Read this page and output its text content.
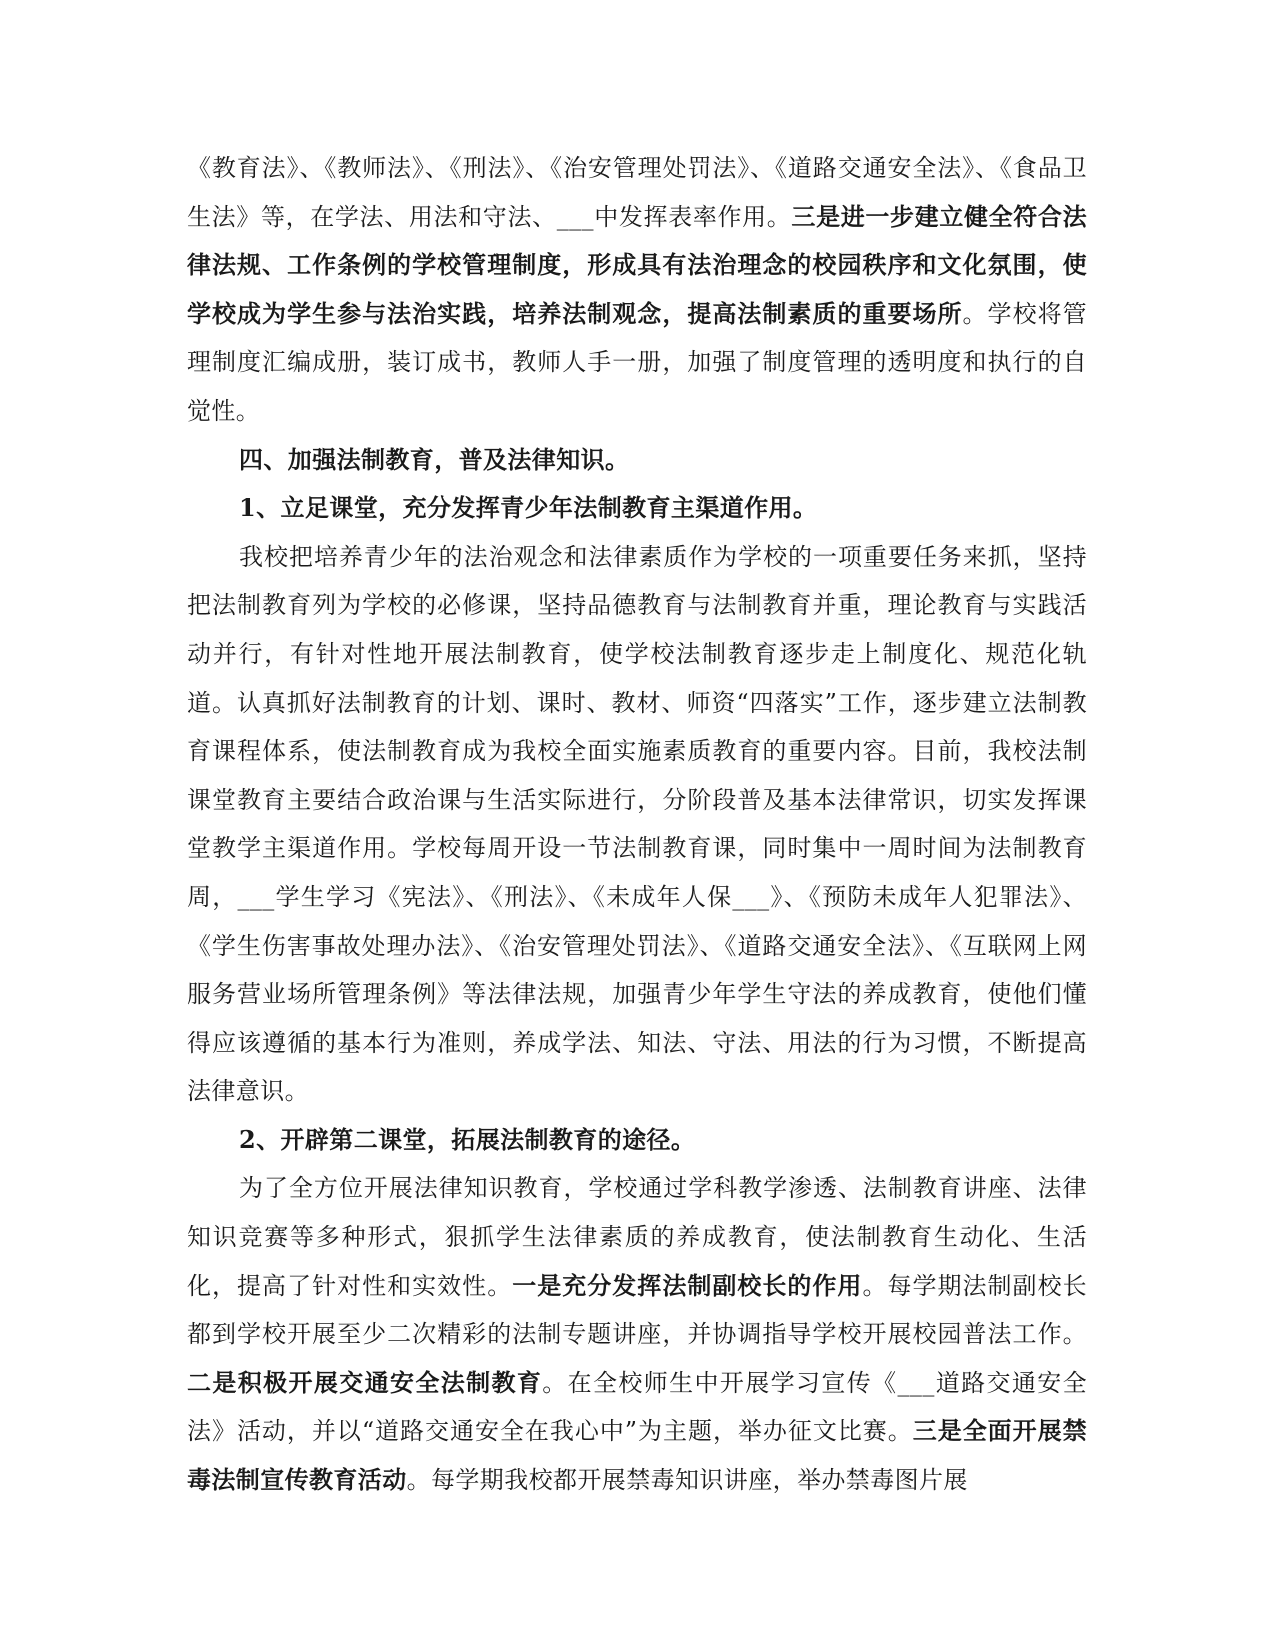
《教育法》、《教师法》、《刑法》、《治安管理处罚法》、《道路交通安全法》、《食品卫生法》等，在学法、用法和守法、___中发挥表率作用。三是进一步建立健全符合法律法规、工作条例的学校管理制度，形成具有法治理念的校园秩序和文化氛围，使学校成为学生参与法治实践，培养法制观念，提高法制素质的重要场所。学校将管理制度汇编成册，装订成书，教师人手一册，加强了制度管理的透明度和执行的自觉性。

四、加强法制教育，普及法律知识。

1、立足课堂，充分发挥青少年法制教育主渠道作用。

我校把培养青少年的法治观念和法律素质作为学校的一项重要任务来抓，坚持把法制教育列为学校的必修课，坚持品德教育与法制教育并重，理论教育与实践活动并行，有针对性地开展法制教育，使学校法制教育逐步走上制度化、规范化轨道。认真抓好法制教育的计划、课时、教材、师资“四落实”工作，逐步建立法制教育课程体系，使法制教育成为我校全面实施素质教育的重要内容。目前，我校法制课堂教育主要结合政治课与生活实际进行，分阶段普及基本法律常识，切实发挥课堂教学主渠道作用。学校每周开设一节法制教育课，同时集中一周时间为法制教育周，___学生学习《宪法》、《刑法》、《未成年人保___》、《预防未成年人犯罪法》、《学生伤害事故处理办法》、《治安管理处罚法》、《道路交通安全法》、《互联网上网服务营业场所管理条例》等法律法规，加强青少年学生守法的养成教育，使他们懂得应该遵循的基本行为准则，养成学法、知法、守法、用法的行为习惯，不断提高法律意识。

2、开辟第二课堂，拓展法制教育的途径。

为了全方位开展法律知识教育，学校通过学科教学渗透、法制教育讲座、法律知识竞赛等多种形式，狠抓学生法律素质的养成教育，使法制教育生动化、生活化，提高了针对性和实效性。一是充分发挥法制副校长的作用。每学期法制副校长都到学校开展至少二次精彩的法制专题讲座，并协调指导学校开展校园普法工作。二是积极开展交通安全法制教育。在全校师生中开展学习宣传《___道路交通安全法》活动，并以“道路交通安全在我心中”为主题，举办征文比赛。三是全面开展禁毒法制宣传教育活动。每学期我校都开展禁毒知识讲座，举办禁毒图片展
